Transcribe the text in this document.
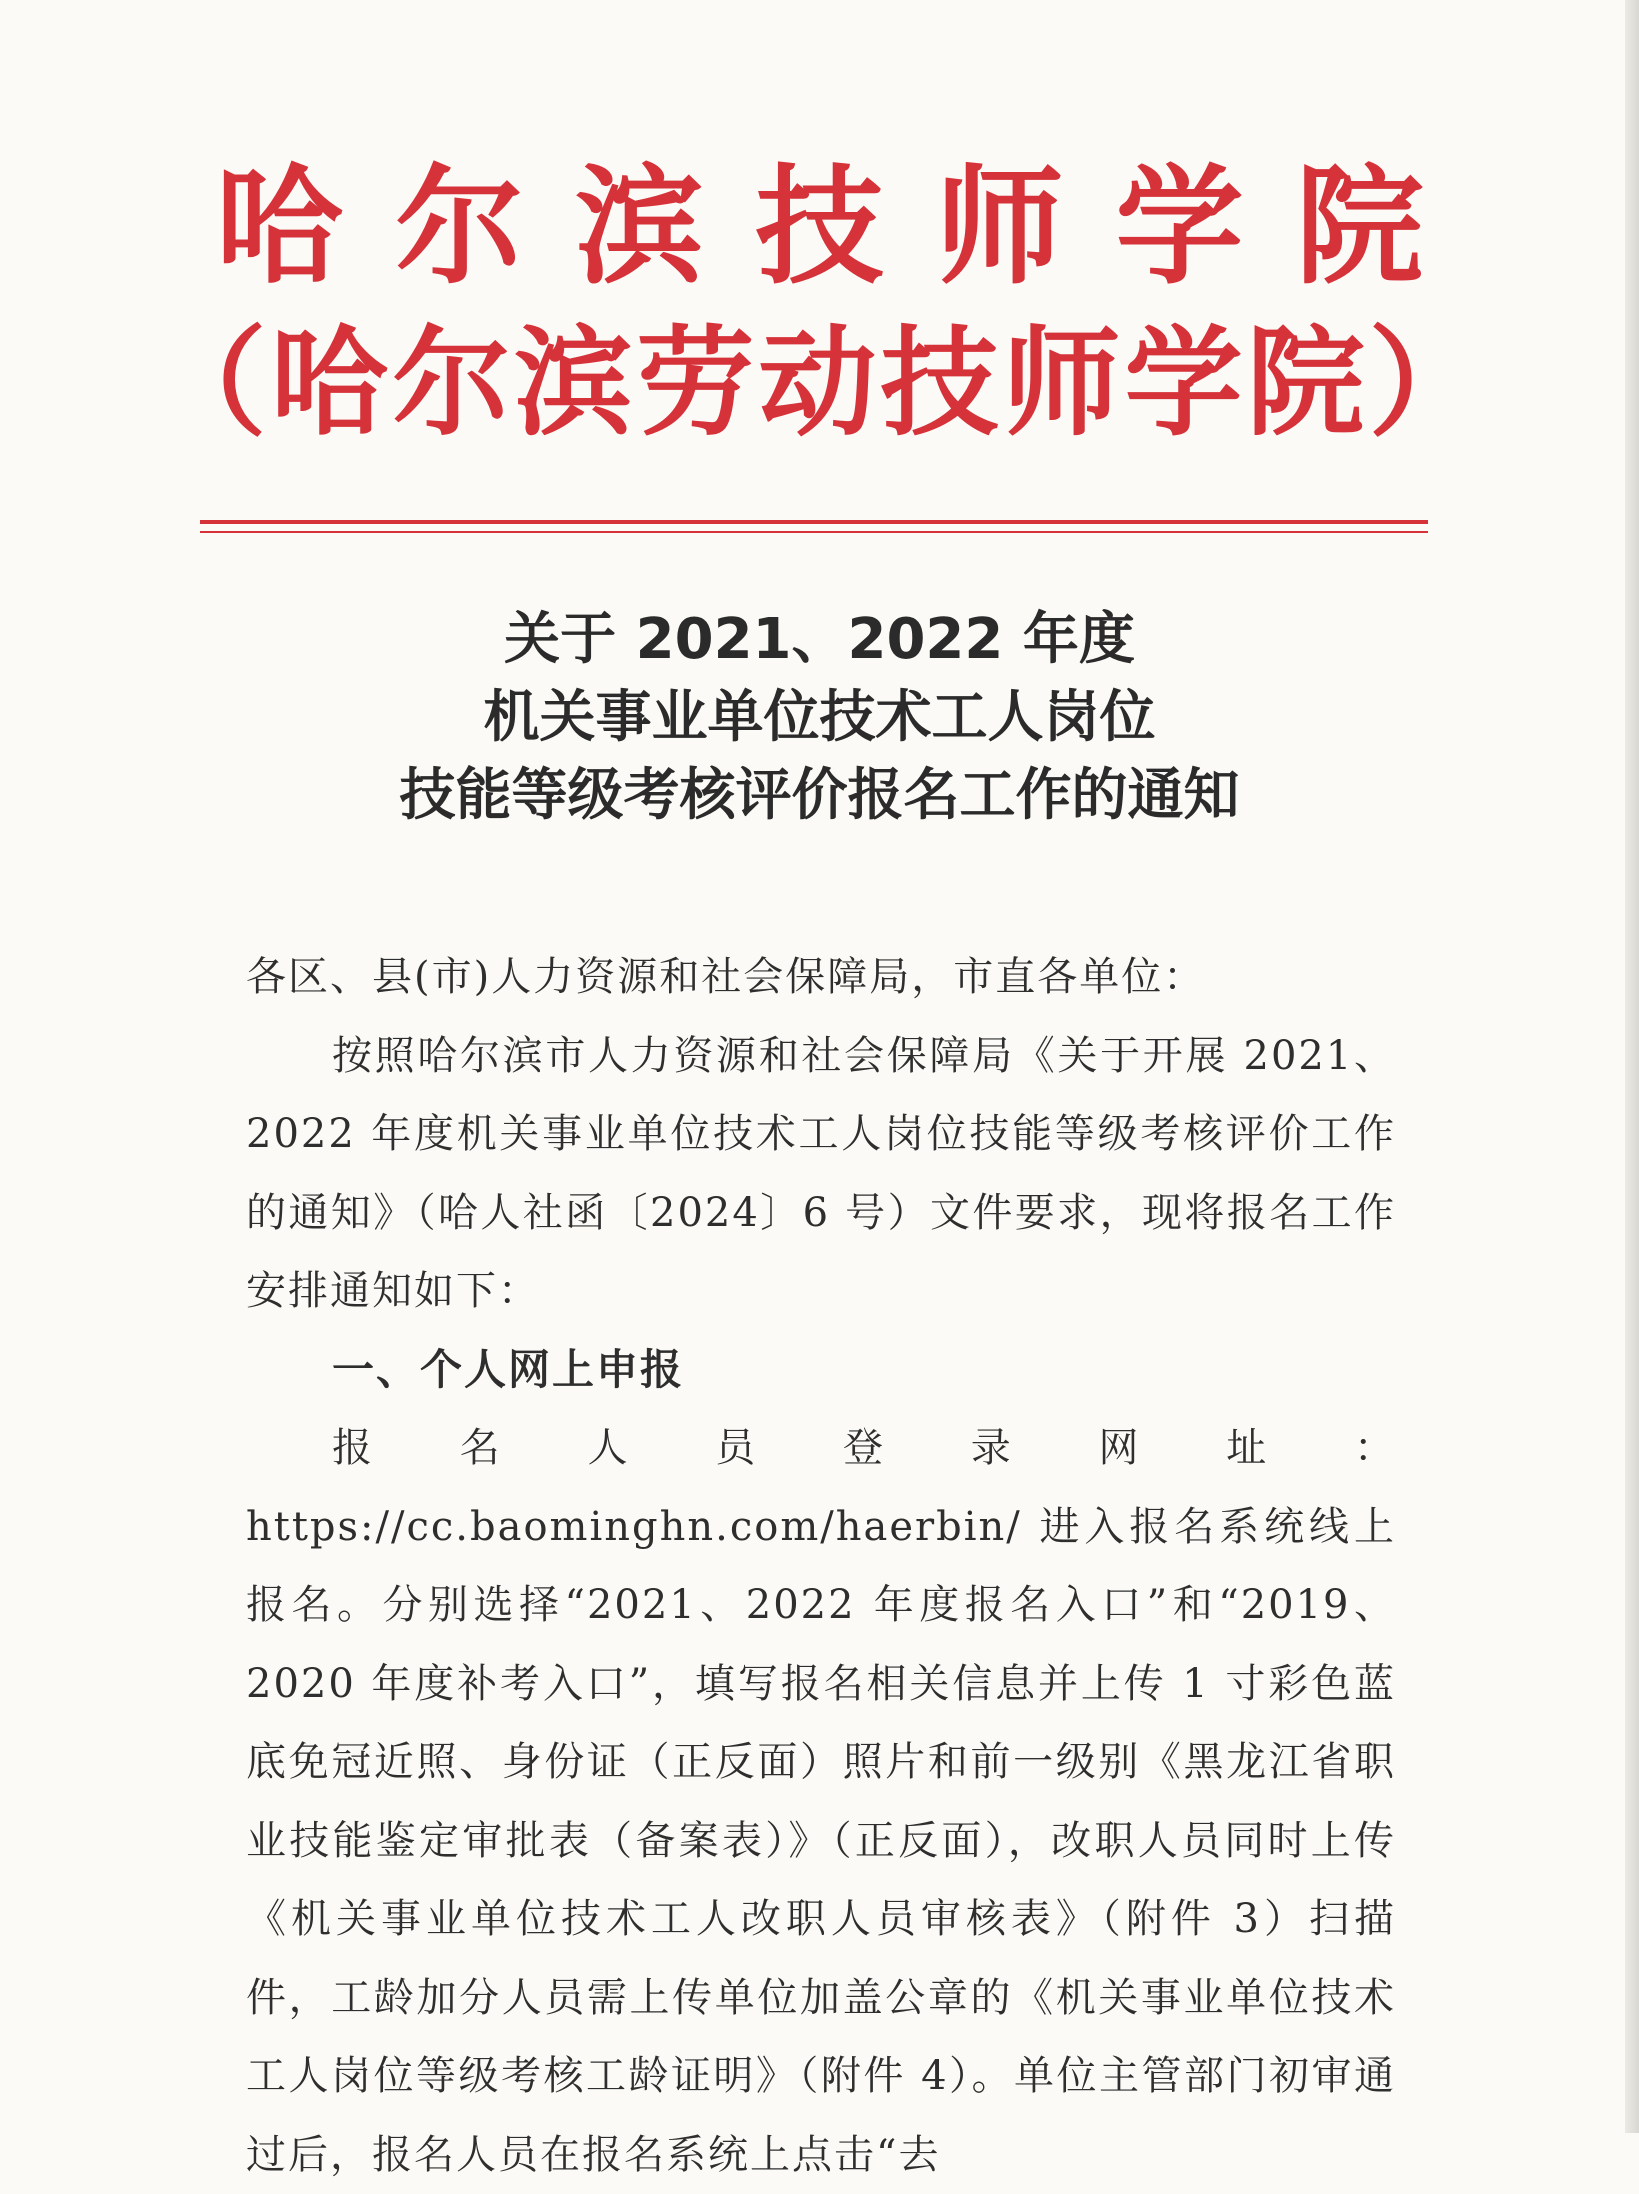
哈尔滨技师学院
（哈尔滨劳动技师学院）
关于 2021、2022 年度
机关事业单位技术工人岗位
技能等级考核评价报名工作的通知

各区、县(市)人力资源和社会保障局，市直各单位：

按照哈尔滨市人力资源和社会保障局《关于开展 2021、2022 年度机关事业单位技术工人岗位技能等级考核评价工作的通知》（哈人社函〔2024〕6 号）文件要求，现将报名工作安排通知如下：

一、个人网上申报

报名人员登录网址：https://cc.baominghn.com/haerbin/ 进入报名系统线上报名。分别选择“2021、2022 年度报名入口”和“2019、2020 年度补考入口”，填写报名相关信息并上传 1 寸彩色蓝底免冠近照、身份证（正反面）照片和前一级别《黑龙江省职业技能鉴定审批表（备案表）》（正反面），改职人员同时上传《机关事业单位技术工人改职人员审核表》（附件 3）扫描件，工龄加分人员需上传单位加盖公章的《机关事业单位技术工人岗位等级考核工龄证明》（附件 4）。单位主管部门初审通过后，报名人员在报名系统上点击“去
